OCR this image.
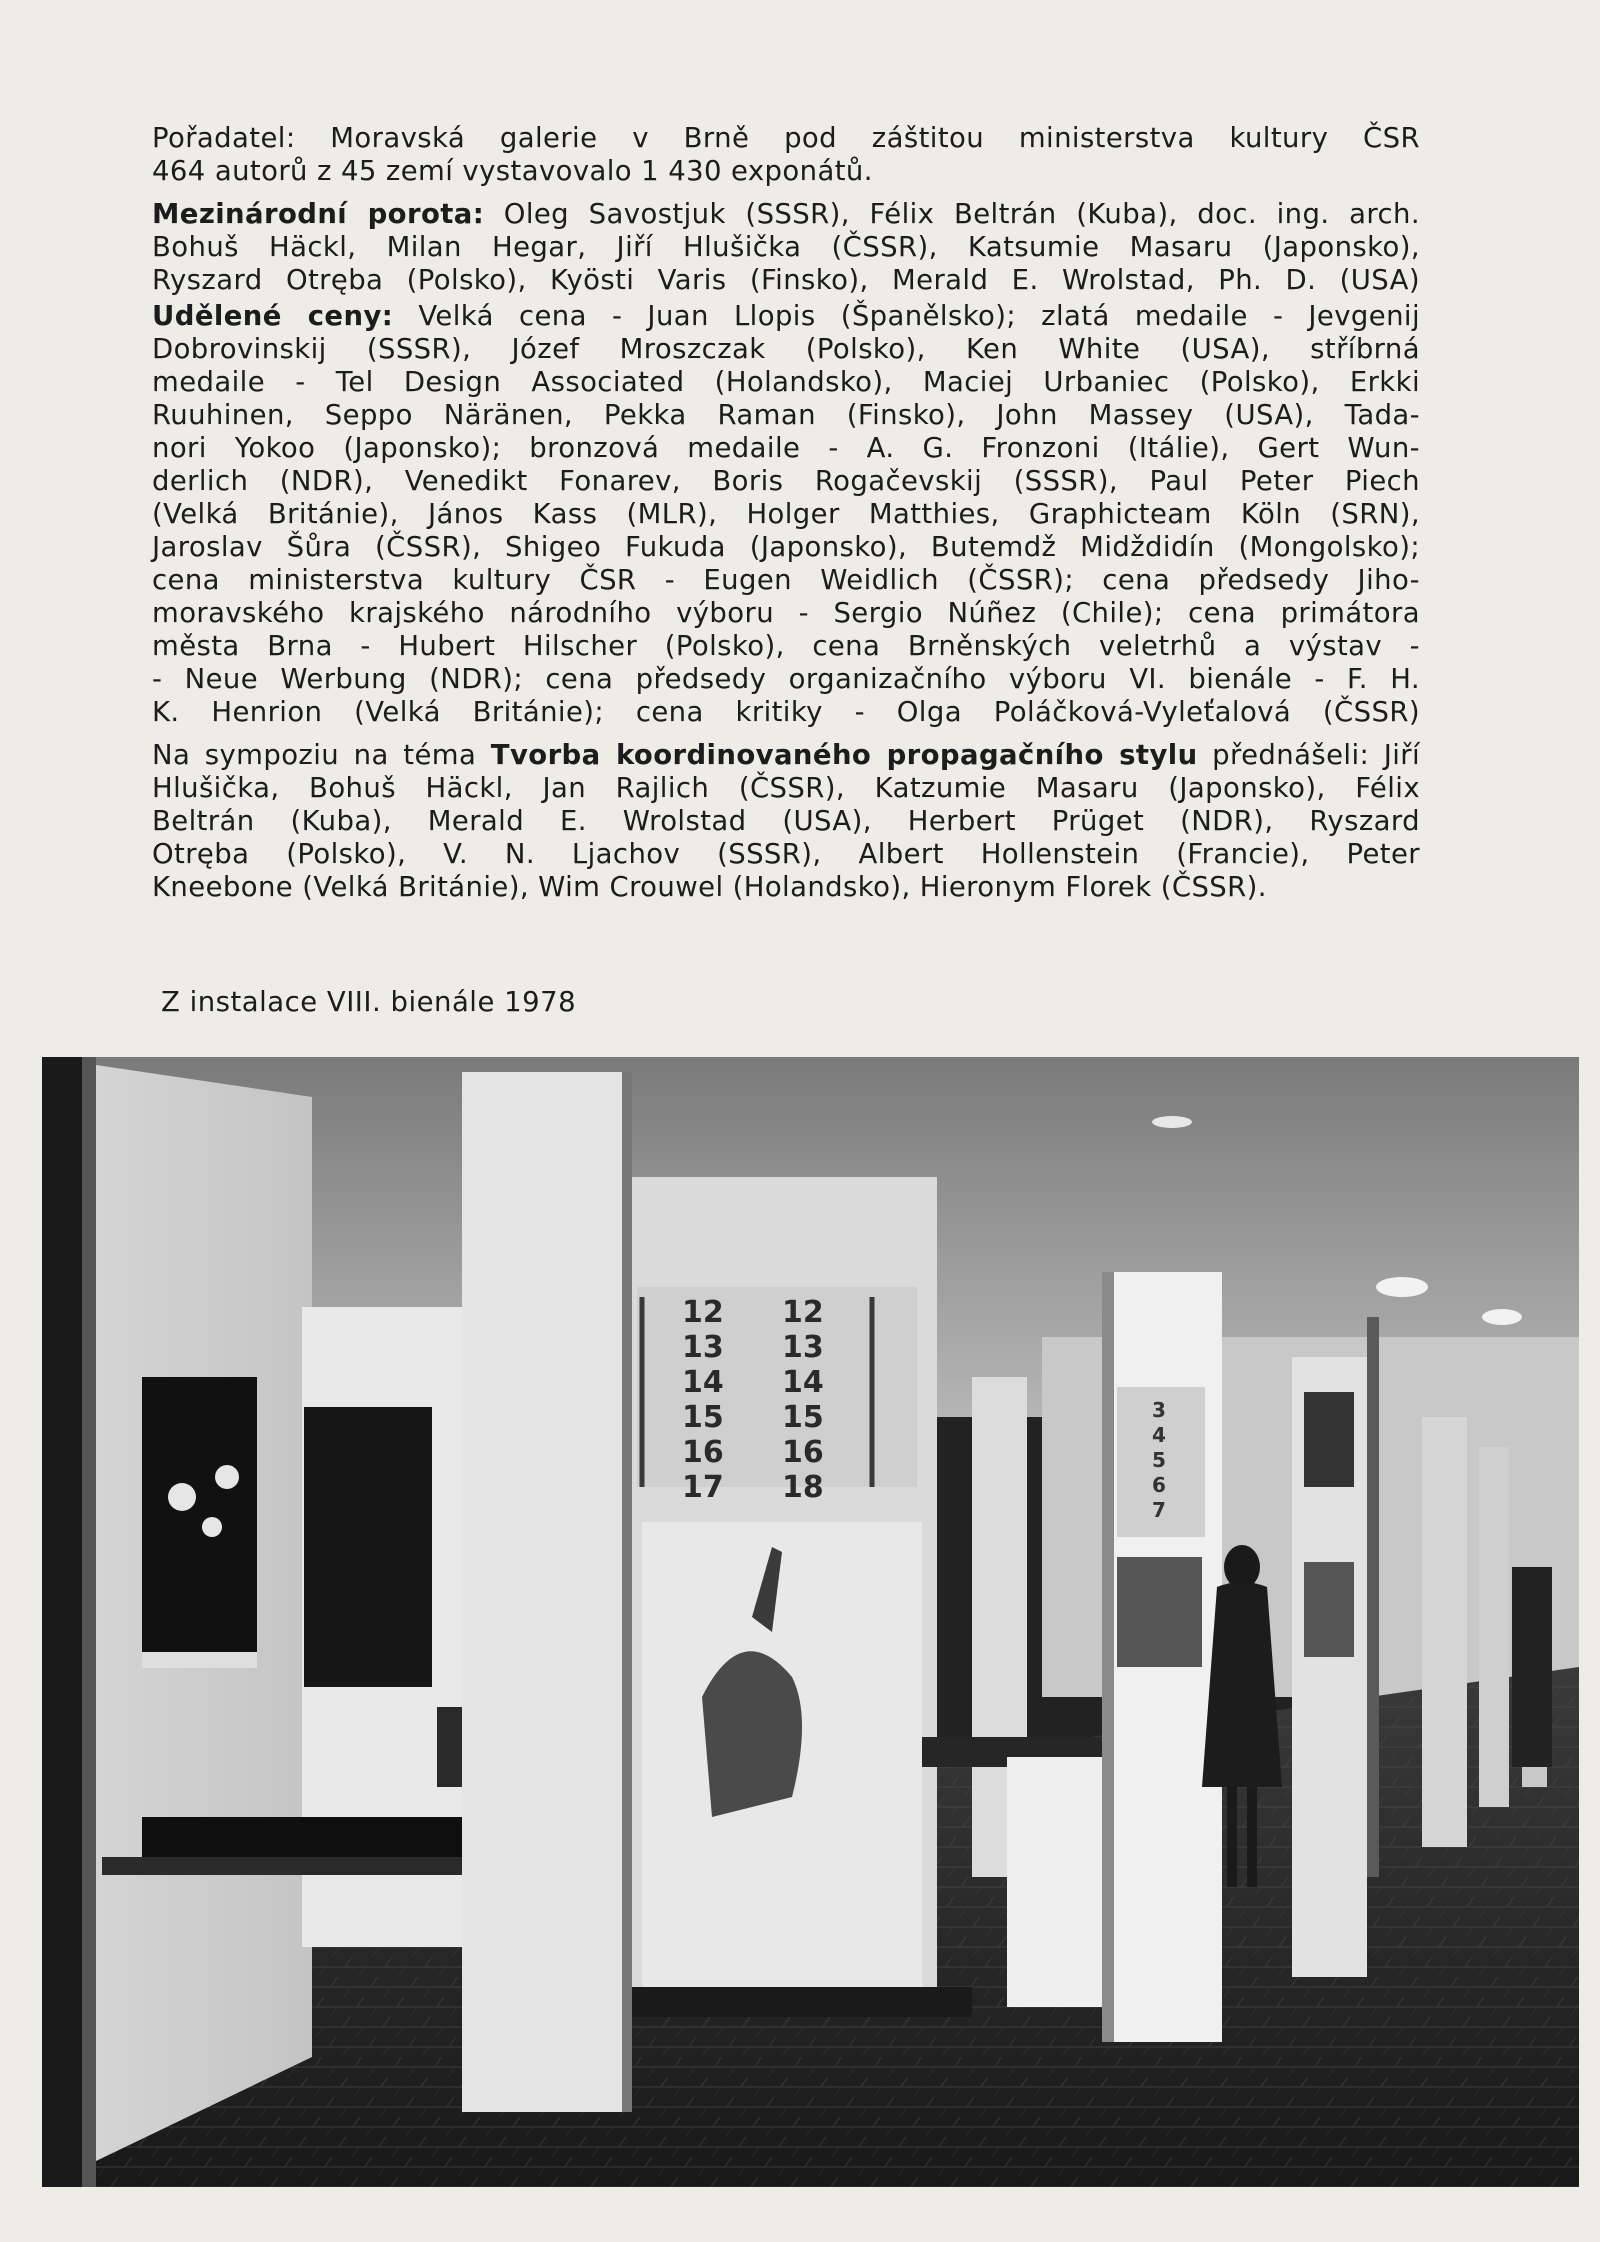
Pořadatel: Moravská galerie v Brně pod záštitou ministerstva kultury ČSR
464 autorů z 45 zemí vystavovalo 1 430 exponátů.

Mezinárodní porota: Oleg Savostjuk (SSSR), Félix Beltrán (Kuba), doc. ing. arch.
Bohuš Häckl, Milan Hegar, Jiří Hlušička (ČSSR), Katsumie Masaru (Japonsko),
Ryszard Otręba (Polsko), Kyösti Varis (Finsko), Merald E. Wrolstad, Ph. D. (USA)

Udělené ceny: Velká cena - Juan Llopis (Španělsko); zlatá medaile - Jevgenij
Dobrovinskij (SSSR), Józef Mroszczak (Polsko), Ken White (USA), stříbrná
medaile - Tel Design Associated (Holandsko), Maciej Urbaniec (Polsko), Erkki
Ruuhinen, Seppo Näränen, Pekka Raman (Finsko), John Massey (USA), Tada-
nori Yokoo (Japonsko); bronzová medaile - A. G. Fronzoni (Itálie), Gert Wun-
derlich (NDR), Venedikt Fonarev, Boris Rogačevskij (SSSR), Paul Peter Piech
(Velká Británie), János Kass (MLR), Holger Matthies, Graphicteam Köln (SRN),
Jaroslav Šůra (ČSSR), Shigeo Fukuda (Japonsko), Butemdž Midždidín (Mongolsko);
cena ministerstva kultury ČSR - Eugen Weidlich (ČSSR); cena předsedy Jiho-
moravského krajského národního výboru - Sergio Núñez (Chile); cena primátora
města Brna - Hubert Hilscher (Polsko), cena Brněnských veletrhů a výstav -
- Neue Werbung (NDR); cena předsedy organizačního výboru VI. bienále - F. H.
K. Henrion (Velká Británie); cena kritiky - Olga Poláčková-Vyleťalová (ČSSR)

Na sympoziu na téma Tvorba koordinovaného propagačního stylu přednášeli: Jiří
Hlušička, Bohuš Häckl, Jan Rajlich (ČSSR), Katzumie Masaru (Japonsko), Félix
Beltrán (Kuba), Merald E. Wrolstad (USA), Herbert Prüget (NDR), Ryszard
Otręba (Polsko), V. N. Ljachov (SSSR), Albert Hollenstein (Francie), Peter
Kneebone (Velká Británie), Wim Crouwel (Holandsko), Hieronym Florek (ČSSR).

Z instalace VIII. bienále 1978
12
13
14
15
16
17
12
13
14
15
16
18
3
4
5
6
7
